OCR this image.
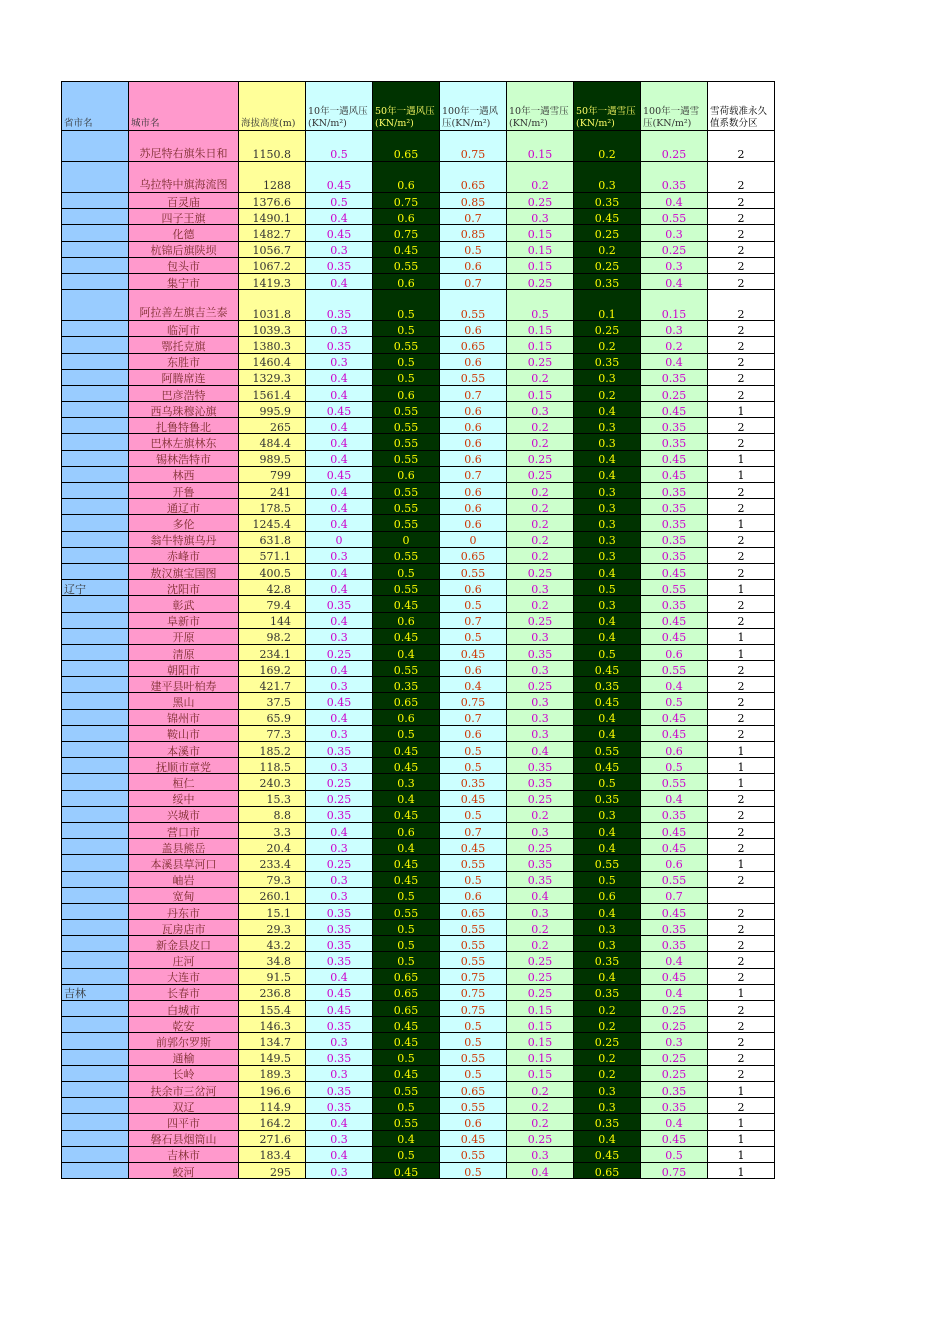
省市名	城市名	海拔高度(m)	10年一遇风压(KN/m²)	50年一遇风压(KN/m²)	100年一遇风压(KN/m²)	10年一遇雪压(KN/m²)	50年一遇雪压(KN/m²)	100年一遇雪压(KN/m²)	雪荷载准永久值系数分区
	苏尼特右旗朱日和	1150.8	0.5	0.65	0.75	0.15	0.2	0.25	2
	乌拉特中旗海流图	1288	0.45	0.6	0.65	0.2	0.3	0.35	2
	百灵庙	1376.6	0.5	0.75	0.85	0.25	0.35	0.4	2
	四子王旗	1490.1	0.4	0.6	0.7	0.3	0.45	0.55	2
	化德	1482.7	0.45	0.75	0.85	0.15	0.25	0.3	2
	杭锦后旗陕坝	1056.7	0.3	0.45	0.5	0.15	0.2	0.25	2
	包头市	1067.2	0.35	0.55	0.6	0.15	0.25	0.3	2
	集宁市	1419.3	0.4	0.6	0.7	0.25	0.35	0.4	2
	阿拉善左旗吉兰泰	1031.8	0.35	0.5	0.55	0.5	0.1	0.15	2
	临河市	1039.3	0.3	0.5	0.6	0.15	0.25	0.3	2
	鄂托克旗	1380.3	0.35	0.55	0.65	0.15	0.2	0.2	2
	东胜市	1460.4	0.3	0.5	0.6	0.25	0.35	0.4	2
	阿腾席连	1329.3	0.4	0.5	0.55	0.2	0.3	0.35	2
	巴彦浩特	1561.4	0.4	0.6	0.7	0.15	0.2	0.25	2
	西乌珠穆沁旗	995.9	0.45	0.55	0.6	0.3	0.4	0.45	1
	扎鲁特鲁北	265	0.4	0.55	0.6	0.2	0.3	0.35	2
	巴林左旗林东	484.4	0.4	0.55	0.6	0.2	0.3	0.35	2
	锡林浩特市	989.5	0.4	0.55	0.6	0.25	0.4	0.45	1
	林西	799	0.45	0.6	0.7	0.25	0.4	0.45	1
	开鲁	241	0.4	0.55	0.6	0.2	0.3	0.35	2
	通辽市	178.5	0.4	0.55	0.6	0.2	0.3	0.35	2
	多伦	1245.4	0.4	0.55	0.6	0.2	0.3	0.35	1
	翁牛特旗乌丹	631.8	0	0	0	0.2	0.3	0.35	2
	赤峰市	571.1	0.3	0.55	0.65	0.2	0.3	0.35	2
	敖汉旗宝国图	400.5	0.4	0.5	0.55	0.25	0.4	0.45	2
辽宁	沈阳市	42.8	0.4	0.55	0.6	0.3	0.5	0.55	1
	彰武	79.4	0.35	0.45	0.5	0.2	0.3	0.35	2
	阜新市	144	0.4	0.6	0.7	0.25	0.4	0.45	2
	开原	98.2	0.3	0.45	0.5	0.3	0.4	0.45	1
	清原	234.1	0.25	0.4	0.45	0.35	0.5	0.6	1
	朝阳市	169.2	0.4	0.55	0.6	0.3	0.45	0.55	2
	建平县叶柏寿	421.7	0.3	0.35	0.4	0.25	0.35	0.4	2
	黑山	37.5	0.45	0.65	0.75	0.3	0.45	0.5	2
	锦州市	65.9	0.4	0.6	0.7	0.3	0.4	0.45	2
	鞍山市	77.3	0.3	0.5	0.6	0.3	0.4	0.45	2
	本溪市	185.2	0.35	0.45	0.5	0.4	0.55	0.6	1
	抚顺市章党	118.5	0.3	0.45	0.5	0.35	0.45	0.5	1
	桓仁	240.3	0.25	0.3	0.35	0.35	0.5	0.55	1
	绥中	15.3	0.25	0.4	0.45	0.25	0.35	0.4	2
	兴城市	8.8	0.35	0.45	0.5	0.2	0.3	0.35	2
	营口市	3.3	0.4	0.6	0.7	0.3	0.4	0.45	2
	盖县熊岳	20.4	0.3	0.4	0.45	0.25	0.4	0.45	2
	本溪县草河口	233.4	0.25	0.45	0.55	0.35	0.55	0.6	1
	岫岩	79.3	0.3	0.45	0.5	0.35	0.5	0.55	2
	宽甸	260.1	0.3	0.5	0.6	0.4	0.6	0.7	
	丹东市	15.1	0.35	0.55	0.65	0.3	0.4	0.45	2
	瓦房店市	29.3	0.35	0.5	0.55	0.2	0.3	0.35	2
	新金县皮口	43.2	0.35	0.5	0.55	0.2	0.3	0.35	2
	庄河	34.8	0.35	0.5	0.55	0.25	0.35	0.4	2
	大连市	91.5	0.4	0.65	0.75	0.25	0.4	0.45	2
吉林	长春市	236.8	0.45	0.65	0.75	0.25	0.35	0.4	1
	白城市	155.4	0.45	0.65	0.75	0.15	0.2	0.25	2
	乾安	146.3	0.35	0.45	0.5	0.15	0.2	0.25	2
	前郭尔罗斯	134.7	0.3	0.45	0.5	0.15	0.25	0.3	2
	通榆	149.5	0.35	0.5	0.55	0.15	0.2	0.25	2
	长岭	189.3	0.3	0.45	0.5	0.15	0.2	0.25	2
	扶余市三岔河	196.6	0.35	0.55	0.65	0.2	0.3	0.35	1
	双辽	114.9	0.35	0.5	0.55	0.2	0.3	0.35	2
	四平市	164.2	0.4	0.55	0.6	0.2	0.35	0.4	1
	磐石县烟筒山	271.6	0.3	0.4	0.45	0.25	0.4	0.45	1
	吉林市	183.4	0.4	0.5	0.55	0.3	0.45	0.5	1
	蛟河	295	0.3	0.45	0.5	0.4	0.65	0.75	1
